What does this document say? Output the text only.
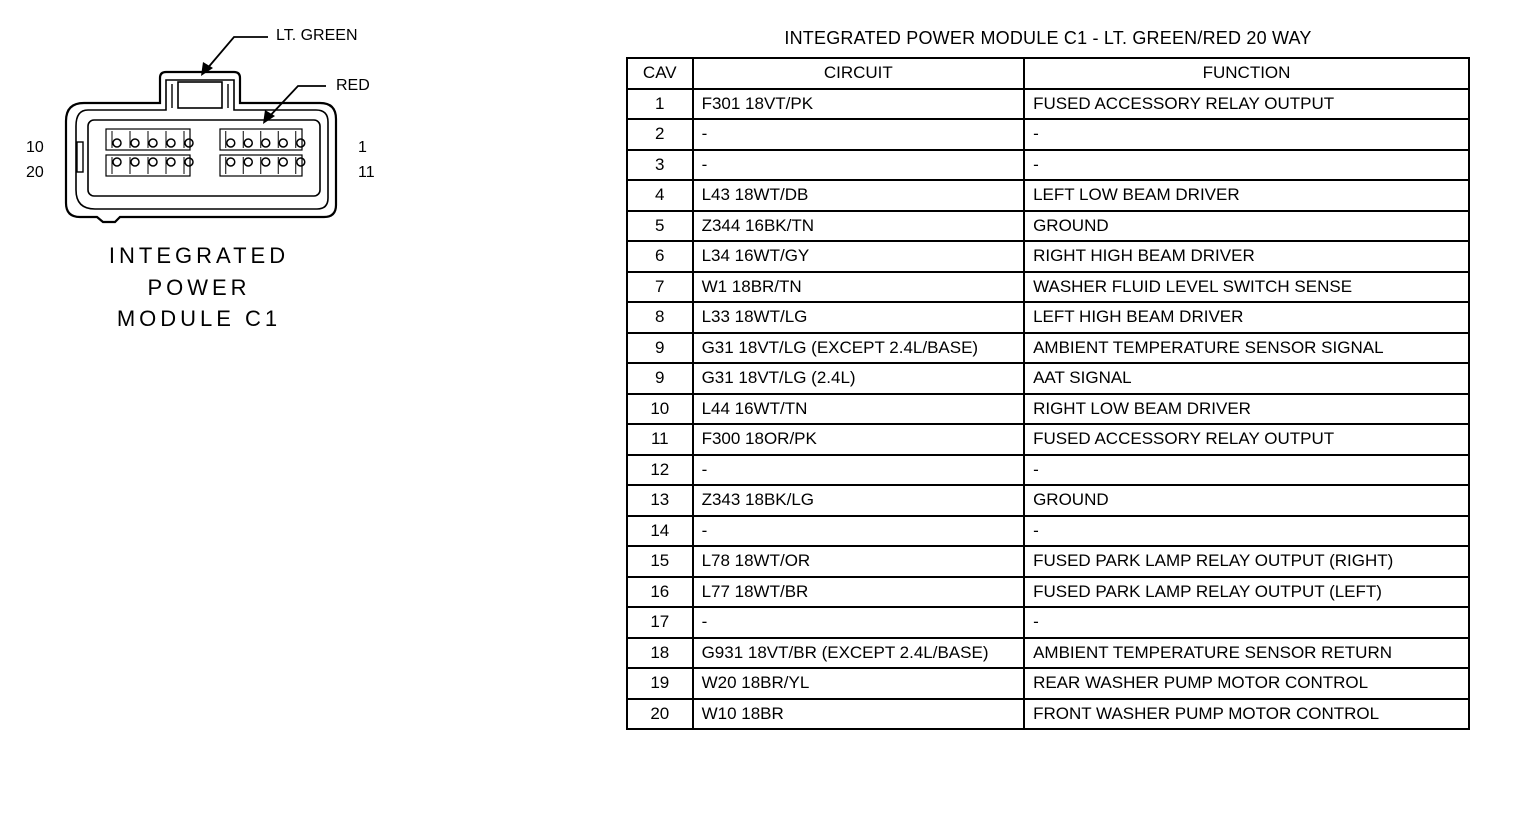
LT. GREEN
RED
10
20
1
11
INTEGRATED
POWER
MODULE C1
INTEGRATED POWER MODULE C1 - LT. GREEN/RED 20 WAY
CAV	CIRCUIT	FUNCTION
1	F301 18VT/PK	FUSED ACCESSORY RELAY OUTPUT
2	-	-
3	-	-
4	L43 18WT/DB	LEFT LOW BEAM DRIVER
5	Z344 16BK/TN	GROUND
6	L34 16WT/GY	RIGHT HIGH BEAM DRIVER
7	W1 18BR/TN	WASHER FLUID LEVEL SWITCH SENSE
8	L33 18WT/LG	LEFT HIGH BEAM DRIVER
9	G31 18VT/LG (EXCEPT 2.4L/BASE)	AMBIENT TEMPERATURE SENSOR SIGNAL
9	G31 18VT/LG (2.4L)	AAT SIGNAL
10	L44 16WT/TN	RIGHT LOW BEAM DRIVER
11	F300 18OR/PK	FUSED ACCESSORY RELAY OUTPUT
12	-	-
13	Z343 18BK/LG	GROUND
14	-	-
15	L78 18WT/OR	FUSED PARK LAMP RELAY OUTPUT (RIGHT)
16	L77 18WT/BR	FUSED PARK LAMP RELAY OUTPUT (LEFT)
17	-	-
18	G931 18VT/BR (EXCEPT 2.4L/BASE)	AMBIENT TEMPERATURE SENSOR RETURN
19	W20 18BR/YL	REAR WASHER PUMP MOTOR CONTROL
20	W10 18BR	FRONT WASHER PUMP MOTOR CONTROL
